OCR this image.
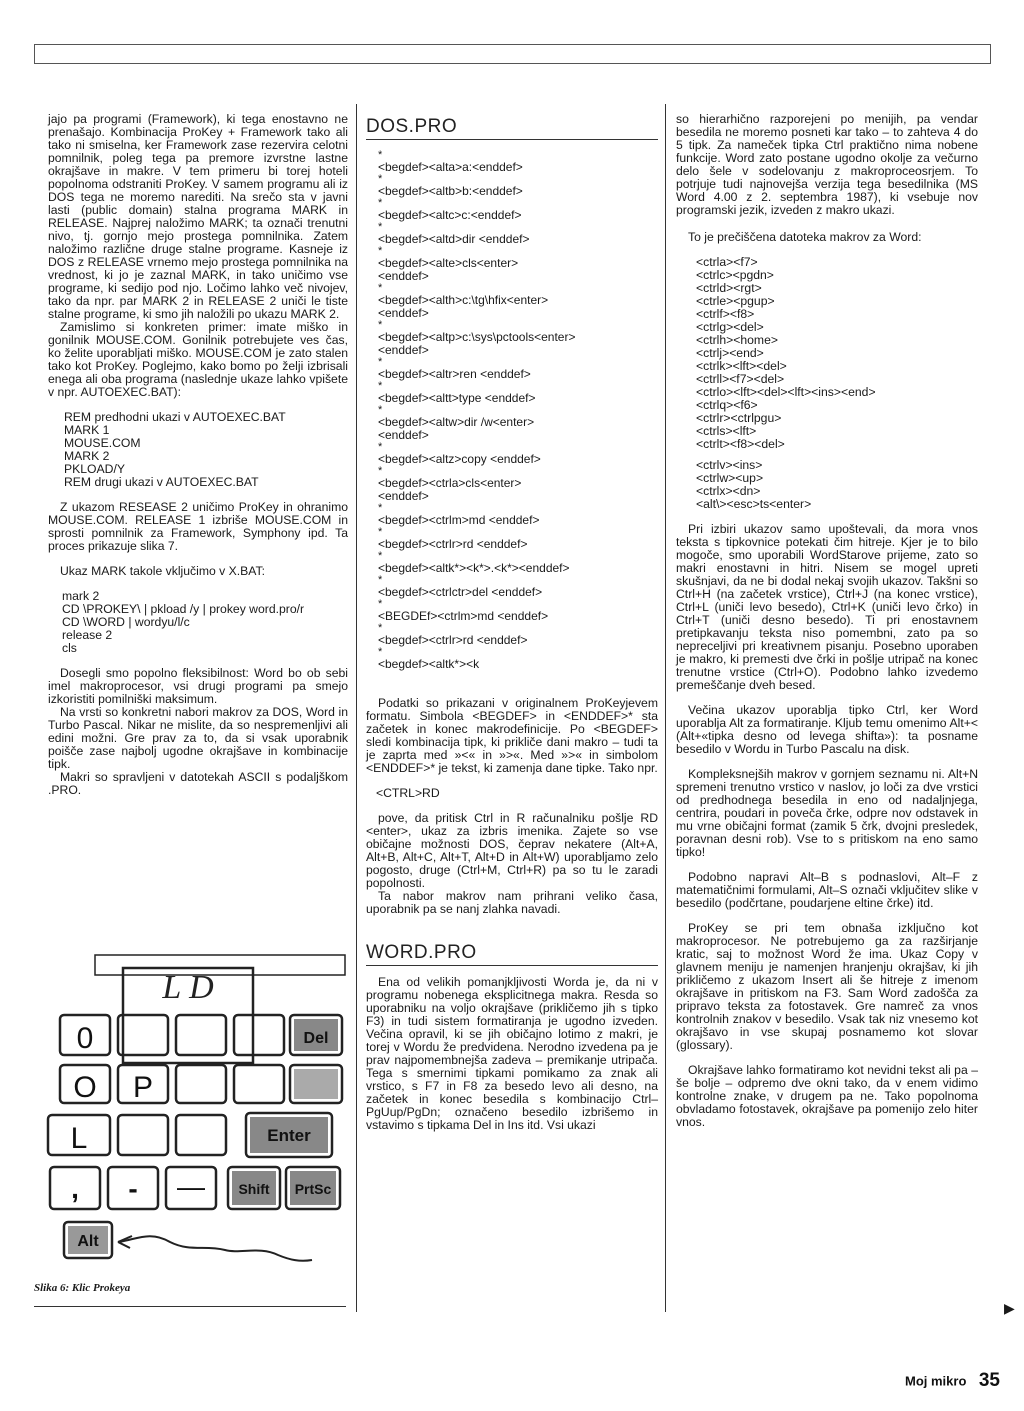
jajo pa programi (Framework), ki tega enostavno ne prenašajo. Kombinacija ProKey + Framework tako ali tako ni smiselna, ker Framework zase rezervira celotni pomnilnik, poleg tega pa premore izvrstne lastne okrajšave in makre. V tem primeru bi torej hoteli popolnoma odstraniti ProKey. V samem programu ali iz DOS tega ne moremo narediti. Na srečo sta v javni lasti (public domain) stalna programa MARK in RELEASE. Najprej naložimo MARK; ta označi trenutni nivo, tj. gornjo mejo prostega pomnilnika. Zatem naložimo različne druge stalne programe. Kasneje iz DOS z RELEASE vrnemo mejo prostega pomnilnika na vrednost, ki jo je zaznal MARK, in tako uničimo vse programe, ki sedijo pod njo. Ločimo lahko več nivojev, tako da npr. par MARK 2 in RELEASE 2 uniči le tiste stalne programe, ki smo jih naložili po ukazu MARK 2.

Zamislimo si konkreten primer: imate miško in gonilnik MOUSE.COM. Gonilnik potrebujete ves čas, ko želite uporabljati miško. MOUSE.COM je zato stalen tako kot ProKey. Poglejmo, kako bomo po želji izbrisali enega ali oba programa (naslednje ukaze lahko vpišete v npr. AUTOEXEC.BAT):

REM predhodni ukazi v AUTOEXEC.BAT

MARK 1

MOUSE.COM

MARK 2

PKLOAD/Y

REM drugi ukazi v AUTOEXEC.BAT

Z ukazom RESEASE 2 uničimo ProKey in ohranimo MOUSE.COM. RELEASE 1 izbriše MOUSE.COM in sprosti pomnilnik za Framework, Symphony ipd. Ta proces prikazuje slika 7.

Ukaz MARK takole vključimo v X.BAT:

mark 2

CD \PROKEY\ | pkload /y | prokey word.pro/r

CD \WORD | wordyu/l/c

release 2

cls

Dosegli smo popolno fleksibilnost: Word bo ob sebi imel makroprocesor, vsi drugi programi pa smejo izkoristiti pomilniški maksimum.

Na vrsti so konkretni nabori makrov za DOS, Word in Turbo Pascal. Nikar ne mislite, da so nespremenljivi ali edini možni. Gre prav za to, da si vsak uporabnik poišče zase najbolj ugodne okrajšave in kombinacije tipk.

Makri so spravljeni v datotekah ASCII s podaljškom .PRO.

L D
0	Del
O P
L	Enter
, - — Shift PrtSc
Alt
Slika 6: Klic Prokeya

DOS.PRO

*

<begdef><alta>a:<enddef>

*

<begdef><altb>b:<enddef>

*

<begdef><altc>c:<enddef>

*

<begdef><altd>dir <enddef>

*

<begdef><alte>cls<enter>

<enddef>

*

<begdef><alth>c:\tg\hfix<enter>

<enddef>

*

<begdef><altp>c:\sys\pctools<enter>

<enddef>

*

<begdef><altr>ren <enddef>

*

<begdef><altt>type <enddef>

*

<begdef><altw>dir /w<enter>

<enddef>

*

<begdef><altz>copy <enddef>

*

<begdef><ctrla>cls<enter>

<enddef>

*

<begdef><ctrlm>md <enddef>

*

<begdef><ctrlr>rd <enddef>

*

<begdef><altk*><k*>.<k*><enddef>

*

<begdef><ctrlctr>del <enddef>

*

<BEGDEf><ctrlm>md <enddef>

*

<begdef><ctrlr>rd <enddef>

*

<begdef><altk*><k

Podatki so prikazani v originalnem ProKeyjevem formatu. Simbola <BEGDEF> in <ENDDEF>* sta začetek in konec makrodefinicije. Po <BEGDEF> sledi kombinacija tipk, ki prikliče dani makro – tudi ta je zaprta med »<« in »>«. Med »>« in simbolom <ENDDEF>* je tekst, ki zamenja dane tipke. Tako npr.

<CTRL>RD

pove, da pritisk Ctrl in R računalniku pošlje RD <enter>, ukaz za izbris imenika. Zajete so vse običajne možnosti DOS, čeprav nekatere (Alt+A, Alt+B, Alt+C, Alt+T, Alt+D in Alt+W) uporabljamo zelo pogosto, druge (Ctrl+M, Ctrl+R) pa so tu le zaradi popolnosti.

Ta nabor makrov nam prihrani veliko časa, uporabnik pa se nanj zlahka navadi.

WORD.PRO

Ena od velikih pomanjkljivosti Worda je, da ni v programu nobenega eksplicitnega makra. Resda so uporabniku na voljo okrajšave (prikličemo jih s tipko F3) in tudi sistem formatiranja je ugodno izveden. Večina opravil, ki se jih običajno lotimo z makri, je torej v Wordu že predvidena. Nerodno izvedena pa je prav najpomembnejša zadeva – premikanje utripača. Tega s smernimi tipkami pomikamo za znak ali vrstico, s F7 in F8 za besedo levo ali desno, na začetek in konec besedila s kombinacijo Ctrl–PgUup/PgDn; označeno besedilo izbrišemo in vstavimo s tipkama Del in Ins itd. Vsi ukazi

so hierarhično razporejeni po menijih, pa vendar besedila ne moremo posneti kar tako – to zahteva 4 do 5 tipk. Za nameček tipka Ctrl praktično nima nobene funkcije. Word zato postane ugodno okolje za večurno delo šele v sodelovanju z makroproceosrjem. To potrjuje tudi najnovejša verzija tega besedilnika (MS Word 4.00 z 2. septembra 1987), ki vsebuje nov programski jezik, izveden z makro ukazi.

To je prečiščena datoteka makrov za Word:

<ctrla><f7>

<ctrlc><pgdn>

<ctrld><rgt>

<ctrle><pgup>

<ctrlf><f8>

<ctrlg><del>

<ctrlh><home>

<ctrlj><end>

<ctrlk><lft><del>

<ctrll><f7><del>

<ctrlo><lft><del><lft><ins><end>

<ctrlq><f6>

<ctrlr><ctrlpgu>

<ctrls><lft>

<ctrlt><f8><del>

<ctrlv><ins>

<ctrlw><up>

<ctrlx><dn>

<alt\><esc>ts<enter>

Pri izbiri ukazov samo upoštevali, da mora vnos teksta s tipkovnice potekati čim hitreje. Kjer je to bilo mogoče, smo uporabili WordStarove prijeme, zato so makri enostavni in hitri. Nisem se mogel upreti skušnjavi, da ne bi dodal nekaj svojih ukazov. Takšni so Ctrl+H (na začetek vrstice), Ctrl+J (na konec vrstice), Ctrl+L (uniči levo besedo), Ctrl+K (uniči levo črko) in Ctrl+T (uniči desno besedo). Ti pri enostavnem pretipkavanju teksta niso pomembni, zato pa so nepreceljivi pri kreativnem pisanju. Posebno uporaben je makro, ki premesti dve črki in pošlje utripač na konec trenutne vrstice (Ctrl+O). Podobno lahko izvedemo premeščanje dveh besed.

Večina ukazov uporablja tipko Ctrl, ker Word uporablja Alt za formatiranje. Kljub temu omenimo Alt+< (Alt+«tipka desno od levega shifta»): ta posname besedilo v Wordu in Turbo Pascalu na disk.

Kompleksnejših makrov v gornjem seznamu ni. Alt+N spremeni trenutno vrstico v naslov, jo loči za dve vrstici od predhodnega besedila in eno od nadaljnjega, centrira, poudari in poveča črke, odpre nov odstavek in mu vrne običajni format (zamik 5 črk, dvojni presledek, poravnan desni rob). Vse to s pritiskom na eno samo tipko!

Podobno napravi Alt–B s podnaslovi, Alt–F z matematičnimi formulami, Alt–S označi vključitev slike v besedilo (podčrtane, poudarjene eltine črke) itd.

ProKey se pri tem obnaša izključno kot makroprocesor. Ne potrebujemo ga za razširjanje kratic, saj to možnost Word že ima. Ukaz Copy v glavnem meniju je namenjen hranjenju okrajšav, ki jih prikličemo z ukazom Insert ali še hitreje z imenom okrajšave in pritiskom na F3. Sam Word zadošča za pripravo teksta za fotostavek. Gre namreč za vnos kontrolnih znakov v besedilo. Vsak tak niz vnesemo kot okrajšavo in vse skupaj posnamemo kot slovar (glossary).

Okrajšave lahko formatiramo kot nevidni tekst ali pa – še bolje – odpremo dve okni tako, da v enem vidimo kontrolne znake, v drugem pa ne. Tako popolnoma obvladamo fotostavek, okrajšave pa pomenijo zelo hiter vnos.

▶
Moj mikro 35
